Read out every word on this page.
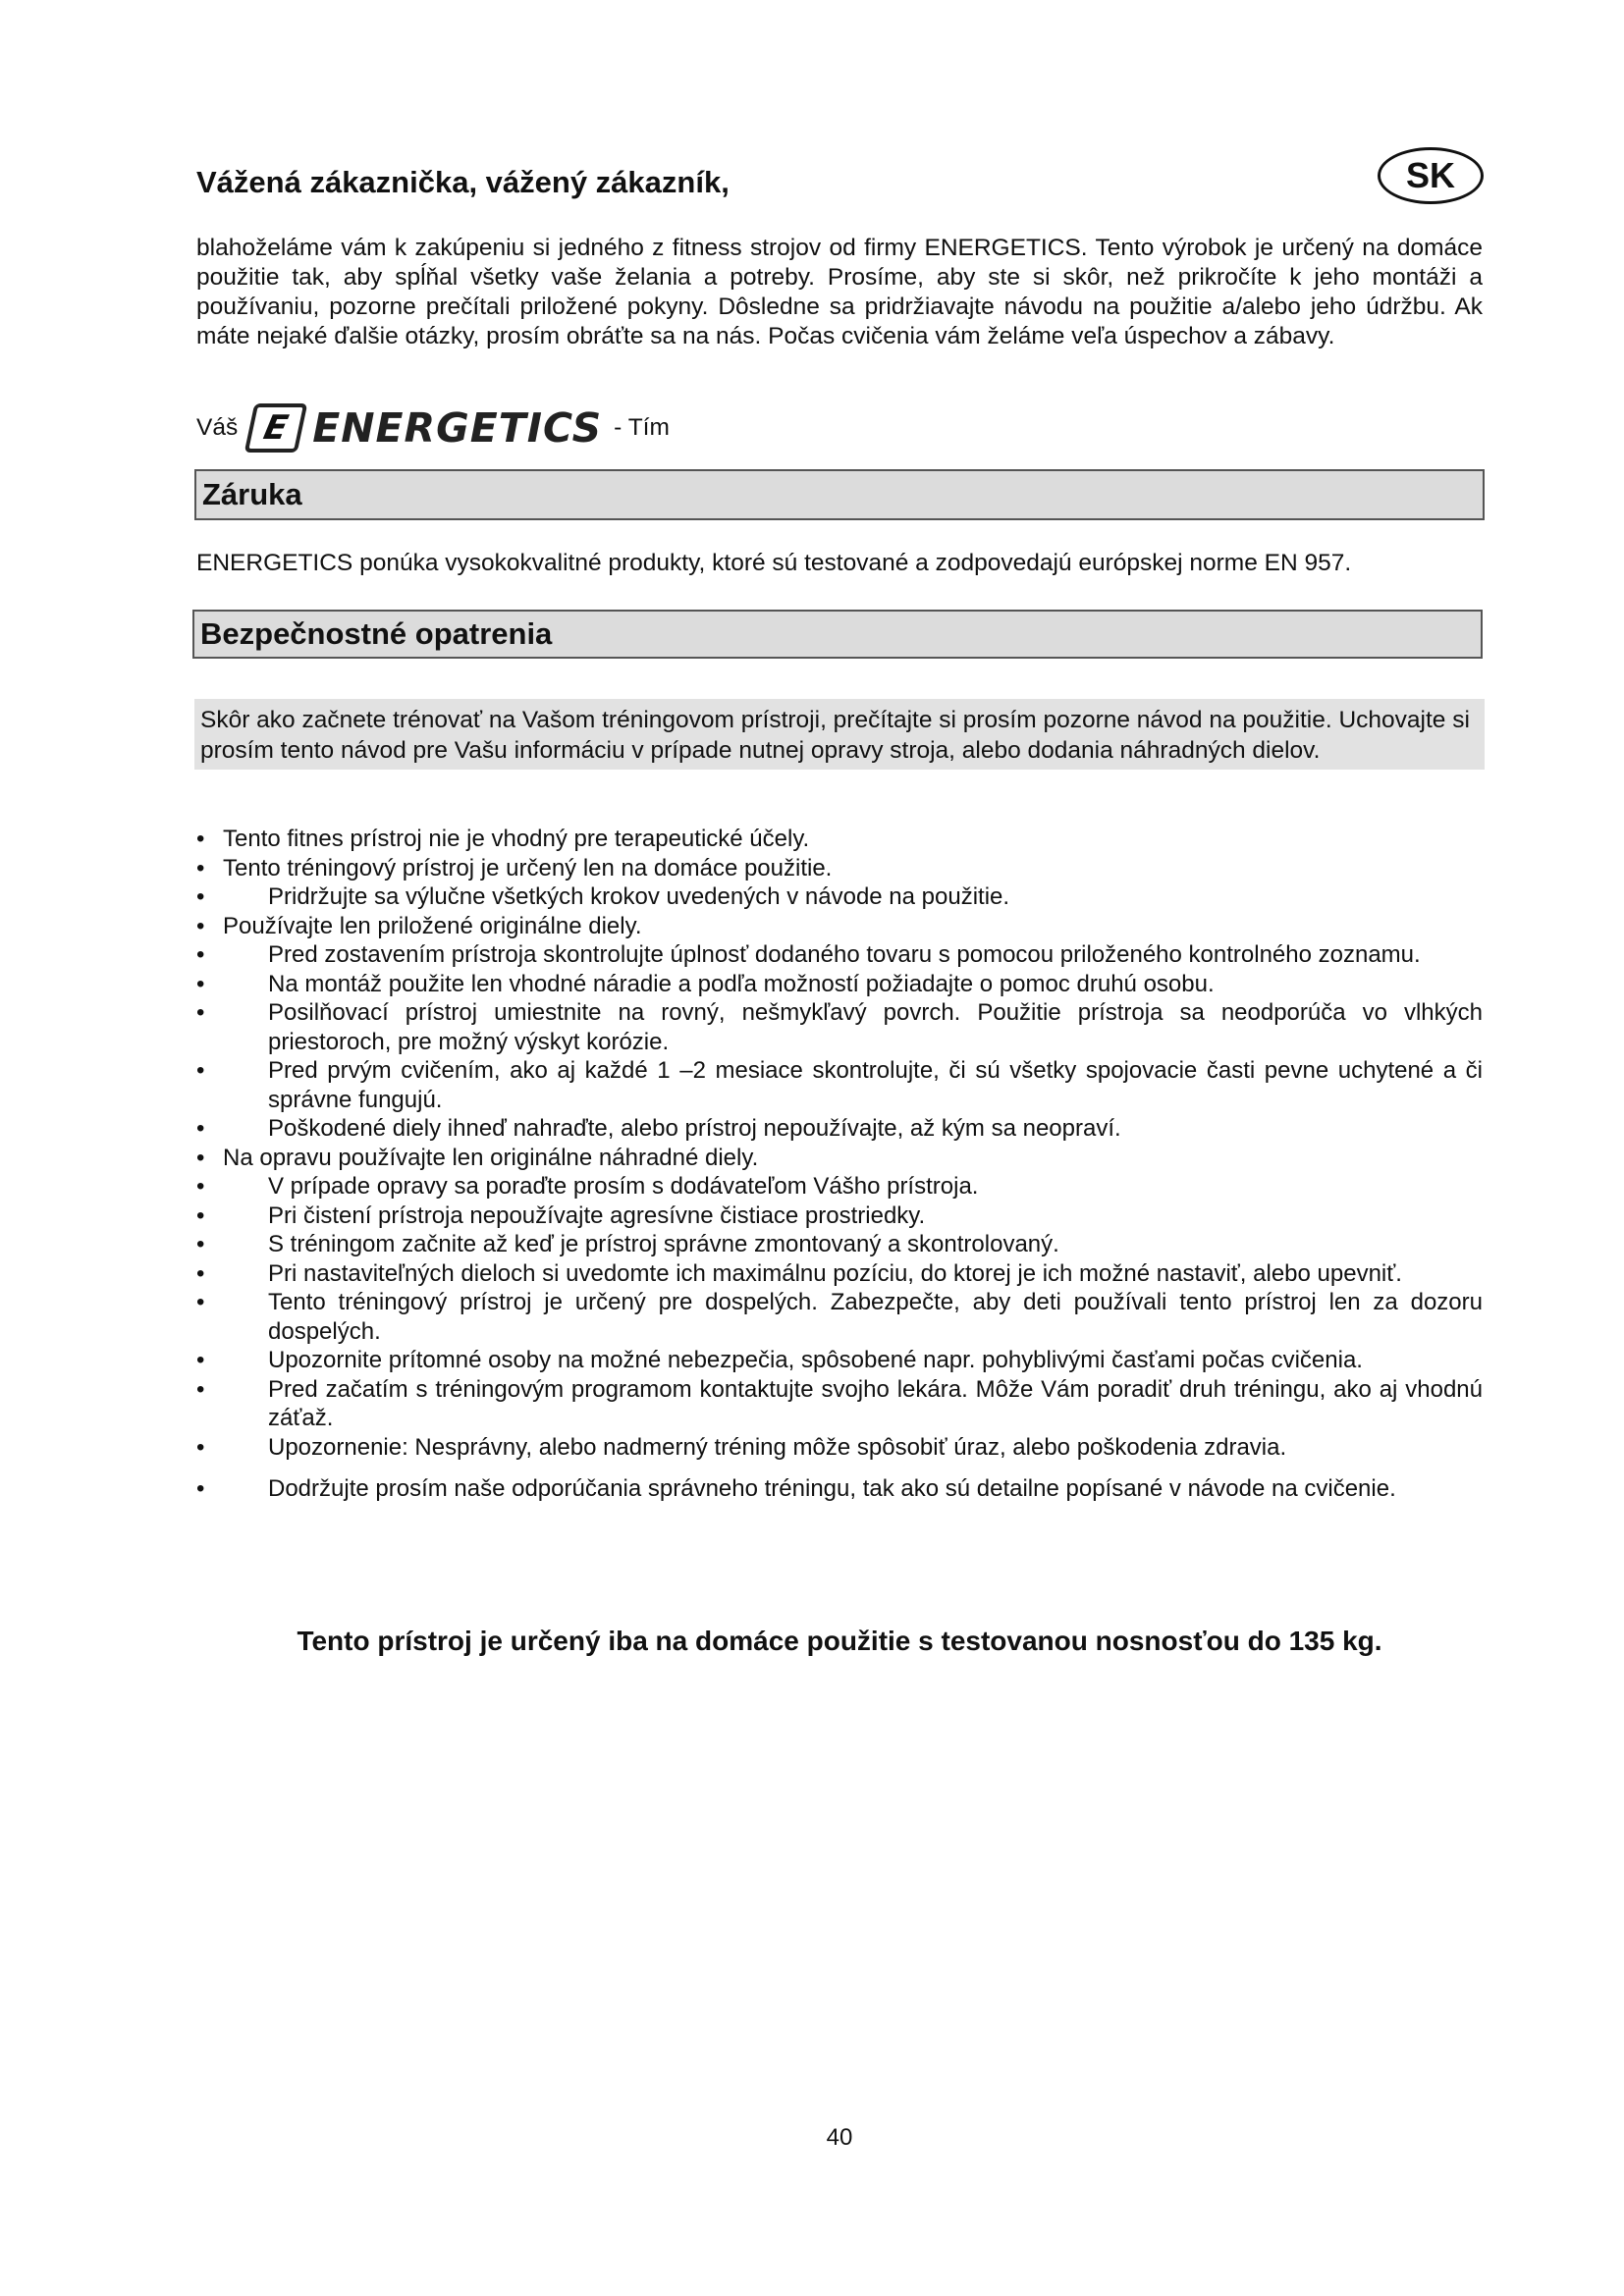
Vážená zákaznička, vážený zákazník,	SK
blahoželáme vám k zakúpeniu si jedného z fitness strojov od firmy ENERGETICS. Tento výrobok je určený na domáce použitie tak, aby spĺňal všetky vaše želania a potreby. Prosíme, aby ste si skôr, než prikročíte k jeho montáži a používaniu, pozorne prečítali priložené pokyny. Dôsledne sa pridržiavajte návodu na použitie a/alebo jeho údržbu. Ak máte nejaké ďalšie otázky, prosím obráťte sa na nás. Počas cvičenia vám želáme veľa úspechov a zábavy.
Váš E ENERGETICS - Tím
Záruka
ENERGETICS ponúka vysokokvalitné produkty, ktoré sú testované a zodpovedajú európskej norme EN 957.
Bezpečnostné opatrenia
Skôr ako začnete trénovať na Vašom tréningovom prístroji, prečítajte si prosím pozorne návod na použitie. Uchovajte si prosím tento návod pre Vašu informáciu v prípade nutnej opravy stroja, alebo dodania náhradných dielov.
• Tento fitnes prístroj nie je vhodný pre terapeutické účely.
• Tento tréningový prístroj je určený len na domáce použitie.
•	Pridržujte sa výlučne všetkých krokov uvedených v návode na použitie.
• Používajte len priložené originálne diely.
•	Pred zostavením prístroja skontrolujte úplnosť dodaného tovaru s pomocou priloženého kontrolného zoznamu.
•	Na montáž použite len vhodné náradie a podľa možností požiadajte o pomoc druhú osobu.
•	Posilňovací prístroj umiestnite na rovný, nešmykľavý povrch. Použitie prístroja sa neodporúča vo vlhkých priestoroch, pre možný výskyt korózie.
•	Pred prvým cvičením, ako aj každé 1 –2 mesiace skontrolujte, či sú všetky spojovacie časti pevne uchytené a či správne fungujú.
•	Poškodené diely ihneď nahraďte, alebo prístroj nepoužívajte, až kým sa neopraví.
• Na opravu používajte len originálne náhradné diely.
•	V prípade opravy sa poraďte prosím s dodávateľom Vášho prístroja.
•	Pri čistení prístroja nepoužívajte agresívne čistiace prostriedky.
•	S tréningom začnite až keď je prístroj správne zmontovaný a skontrolovaný.
•	Pri nastaviteľných dieloch si uvedomte ich maximálnu pozíciu, do ktorej je ich možné nastaviť, alebo upevniť.
•	Tento tréningový prístroj je určený pre dospelých. Zabezpečte, aby deti používali tento prístroj len za dozoru dospelých.
•	Upozornite prítomné osoby na možné nebezpečia, spôsobené napr. pohyblivými časťami počas cvičenia.
•	Pred začatím s tréningovým programom kontaktujte svojho lekára. Môže Vám poradiť druh tréningu, ako aj vhodnú záťaž.
•	Upozornenie: Nesprávny, alebo nadmerný tréning môže spôsobiť úraz, alebo poškodenia zdravia.
•	Dodržujte prosím naše odporúčania správneho tréningu, tak ako sú detailne popísané v návode na cvičenie.
Tento prístroj je určený iba na domáce použitie s testovanou nosnosťou do 135 kg.
40
